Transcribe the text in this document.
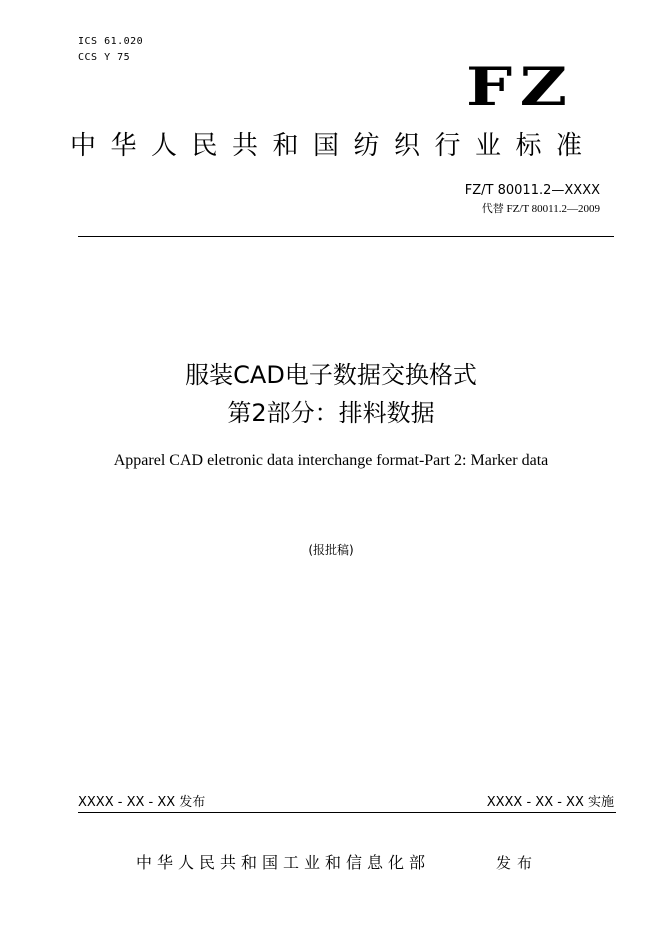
ICS 61.020
CCS Y 75	FZ
中华人民共和国纺织行业标准
FZ/T 80011.2—XXXX
代替 FZ/T 80011.2—2009
服装CAD电子数据交换格式
第2部分：排料数据
Apparel CAD eletronic data interchange format-Part 2: Marker data
(报批稿)
XXXX - XX - XX 发布	XXXX - XX - XX 实施
中华人民共和国工业和信息化部	发布
